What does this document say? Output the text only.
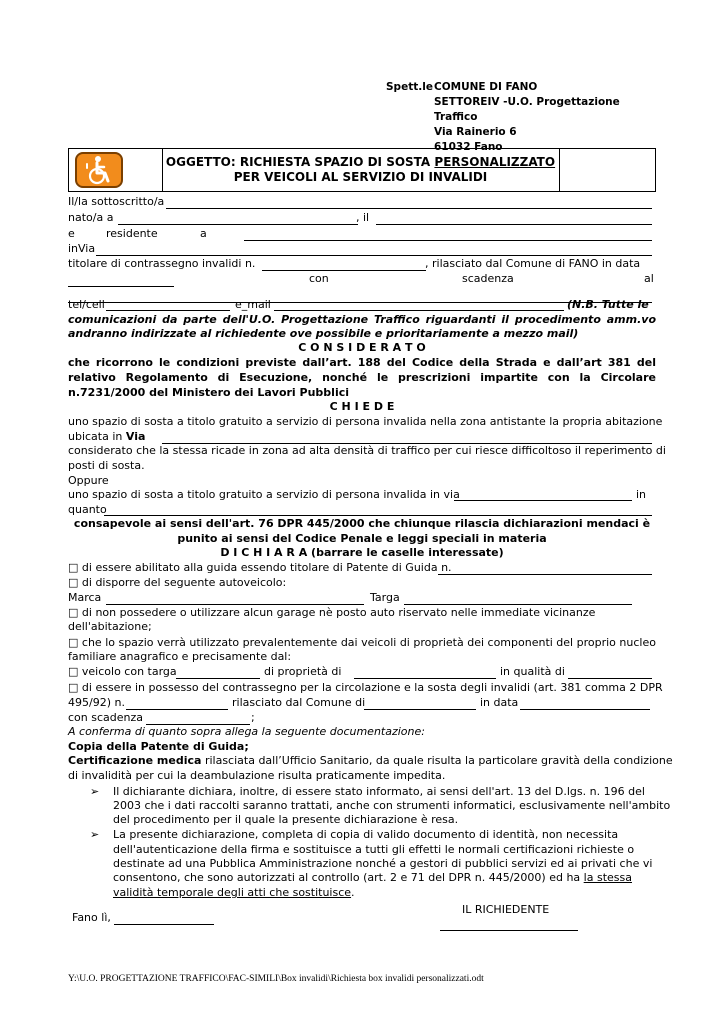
Spett.le COMUNE DI FANO
SETTOREIV -U.O. Progettazione
Traffico
Via Rainerio 6
61032 Fano
OGGETTO: RICHIESTA SPAZIO DI SOSTA PERSONALIZZATO
PER VEICOLI AL SERVIZIO DI INVALIDI
Il/la sottoscritto/a
nato/a a	, il
e	residente	a
inVia
titolare di contrassegno invalidi n.	, rilasciato dal Comune di FANO in data
con	scadenza	al
tel/cell	e_mail	(N.B. Tutte le
comunicazioni da parte dell'U.O. Progettazione Traffico riguardanti il procedimento amm.vo
andranno indirizzate al richiedente ove possibile e prioritariamente a mezzo mail)
C O N S I D E R A T O
che ricorrono le condizioni previste dall’art. 188 del Codice della Strada e dall’art 381 del
relativo Regolamento di Esecuzione, nonché le prescrizioni impartite con la Circolare
n.7231/2000 del Ministero dei Lavori Pubblici
C H I E D E
uno spazio di sosta a titolo gratuito a servizio di persona invalida nella zona antistante la propria abitazione
ubicata in Via
considerato che la stessa ricade in zona ad alta densità di traffico per cui riesce difficoltoso il reperimento di
posti di sosta.
Oppure
uno spazio di sosta a titolo gratuito a servizio di persona invalida in via	in
quanto
consapevole ai sensi dell'art. 76 DPR 445/2000 che chiunque rilascia dichiarazioni mendaci è
punito ai sensi del Codice Penale e leggi speciali in materia
D I C H I A R A (barrare le caselle interessate)
□ di essere abilitato alla guida essendo titolare di Patente di Guida n.
□ di disporre del seguente autoveicolo:
Marca	Targa
□ di non possedere o utilizzare alcun garage nè posto auto riservato nelle immediate vicinanze
dell'abitazione;
□ che lo spazio verrà utilizzato prevalentemente dai veicoli di proprietà dei componenti del proprio nucleo
familiare anagrafico e precisamente dal:
□ veicolo con targa	di proprietà di	in qualità di
□ di essere in possesso del contrassegno per la circolazione e la sosta degli invalidi (art. 381 comma 2 DPR
495/92) n.	rilasciato dal Comune di	in data
con scadenza	;
A conferma di quanto sopra allega la seguente documentazione:
Copia della Patente di Guida;
Certificazione medica rilasciata dall’Ufficio Sanitario, da quale risulta la particolare gravità della condizione
di invalidità per cui la deambulazione risulta praticamente impedita.
➢ Il dichiarante dichiara, inoltre, di essere stato informato, ai sensi dell'art. 13 del D.lgs. n. 196 del
2003 che i dati raccolti saranno trattati, anche con strumenti informatici, esclusivamente nell'ambito
del procedimento per il quale la presente dichiarazione è resa.
➢ La presente dichiarazione, completa di copia di valido documento di identità, non necessita
dell'autenticazione della firma e sostituisce a tutti gli effetti le normali certificazioni richieste o
destinate ad una Pubblica Amministrazione nonché a gestori di pubblici servizi ed ai privati che vi
consentono, che sono autorizzati al controllo (art. 2 e 71 del DPR n. 445/2000) ed ha la stessa
validità temporale degli atti che sostituisce.
Fano lì,
IL RICHIEDENTE
Y:\U.O. PROGETTAZIONE TRAFFICO\FAC-SIMILI\Box invalidi\Richiesta box invalidi personalizzati.odt
